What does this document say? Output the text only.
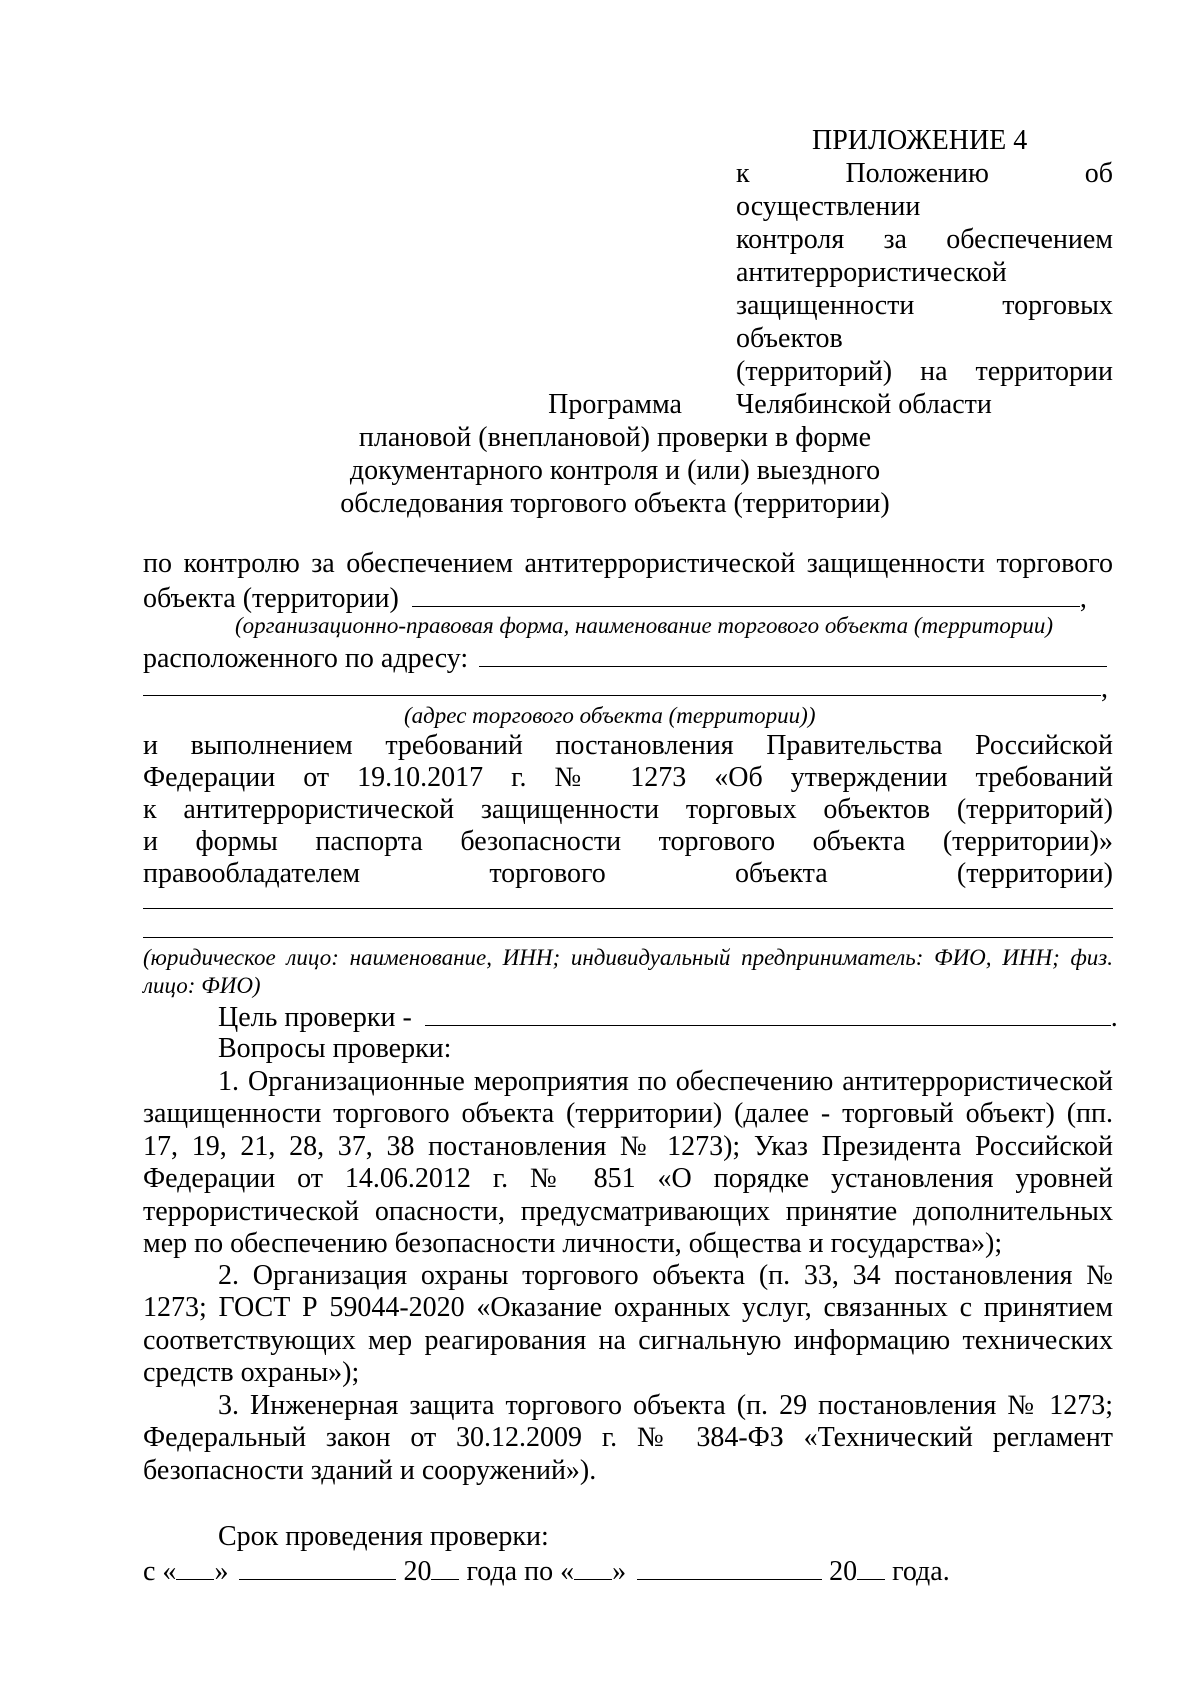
ПРИЛОЖЕНИЕ 4
к Положению об осуществлении
контроля за обеспечением
антитеррористической
защищенности торговых объектов
(территорий) на территории
Челябинской области
Программа
плановой (внеплановой) проверки в форме
документарного контроля и (или) выездного
обследования торгового объекта (территории)
по контролю за обеспечением антитеррористической защищенности торгового
объекта (территории)	,
(организационно-правовая форма, наименование торгового объекта (территории)
расположенного по адресу:
,
(адрес торгового объекта (территории))
и выполнением требований постановления Правительства Российской
Федерации от 19.10.2017 г. № 1273 «Об утверждении требований
к антитеррористической защищенности торговых объектов (территорий)
и формы паспорта безопасности торгового объекта (территории)»
правообладателем торгового объекта (территории)
(юридическое лицо: наименование, ИНН; индивидуальный предприниматель: ФИО, ИНН; физ. лицо: ФИО)
Цель проверки -	.
Вопросы проверки:
1. Организационные мероприятия по обеспечению антитеррористической защищенности торгового объекта (территории) (далее - торговый объект) (пп. 17, 19, 21, 28, 37, 38 постановления № 1273); Указ Президента Российской Федерации от 14.06.2012 г. № 851 «О порядке установления уровней террористической опасности, предусматривающих принятие дополнительных мер по обеспечению безопасности личности, общества и государства»);
2. Организация охраны торгового объекта (п. 33, 34 постановления № 1273; ГОСТ Р 59044-2020 «Оказание охранных услуг, связанных с принятием соответствующих мер реагирования на сигнальную информацию технических средств охраны»);
3. Инженерная защита торгового объекта (п. 29 постановления № 1273; Федеральный закон от 30.12.2009 г. № 384-ФЗ «Технический регламент безопасности зданий и сооружений»).
Срок проведения проверки:
с « »	20 года по « »	20 года.
